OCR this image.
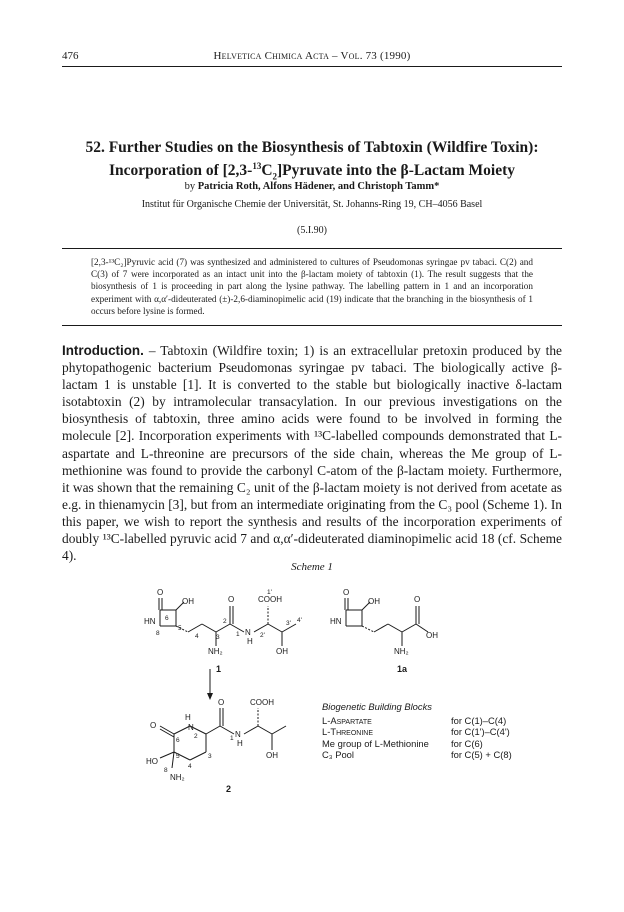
476	Helvetica Chimica Acta – Vol. 73 (1990)
52. Further Studies on the Biosynthesis of Tabtoxin (Wildfire Toxin):
Incorporation of $[2,3-^{13}C_2]Pyruvate$ into the β-Lactam Moiety
by Patricia Roth, Alfons Hädener, and Christoph Tamm*
Institut für Organische Chemie der Universität, St. Johanns-Ring 19, CH–4056 Basel
(5.I.90)
[2,3-¹³C₂]Pyruvic acid (7) was synthesized and administered to cultures of Pseudomonas syringae pv tabaci. C(2) and C(3) of 7 were incorporated as an intact unit into the β-lactam moiety of tabtoxin (1). The result suggests that the biosynthesis of 1 is proceeding in part along the lysine pathway. The labelling pattern in 1 and an incorporation experiment with α,α′-dideuterated (±)-2,6-diaminopimelic acid (19) indicate that the branching in the biosynthesis of 1 occurs before lysine is formed.
Introduction. – Tabtoxin (Wildfire toxin; 1) is an extracellular pretoxin produced by the phytopathogenic bacterium Pseudomonas syringae pv tabaci. The biologically active β-lactam 1 is unstable [1]. It is converted to the stable but biologically inactive δ-lactam isotabtoxin (2) by intramolecular transacylation. In our previous investigations on the biosynthesis of tabtoxin, three amino acids were found to be involved in forming the molecule [2]. Incorporation experiments with ¹³C-labelled compounds demonstrated that L-aspartate and L-threonine are precursors of the side chain, whereas the Me group of L-methionine was found to provide the carbonyl C-atom of the β-lactam moiety. Furthermore, it was shown that the remaining C₂ unit of the β-lactam moiety is not derived from acetate as e.g. in thienamycin [3], but from an intermediate originating from the C₃ pool (Scheme 1). In this paper, we wish to report the synthesis and results of the incorporation experiments of doubly ¹³C-labelled pyruvic acid 7 and α,α′-dideuterated diaminopimelic acid 18 (cf. Scheme 4).
Scheme 1
O
OH
HN
O
N
H
NH₂
COOH
OH
6
5
4
8
3
2
1
1'
2'
3' 4'
1
O
OH
HN
O
OH
NH₂
1a
H
N
O
HO
O
N
H
COOH
OH
NH₂
2
6	1
5	3
4
8
2
Biogenetic Building Blocks
L-Aspartate	for C(1)–C(4)
L-Threonine	for C(1')–C(4')
Me group of L-Methionine for C(6)
C₃ Pool	for C(5) + C(8)
